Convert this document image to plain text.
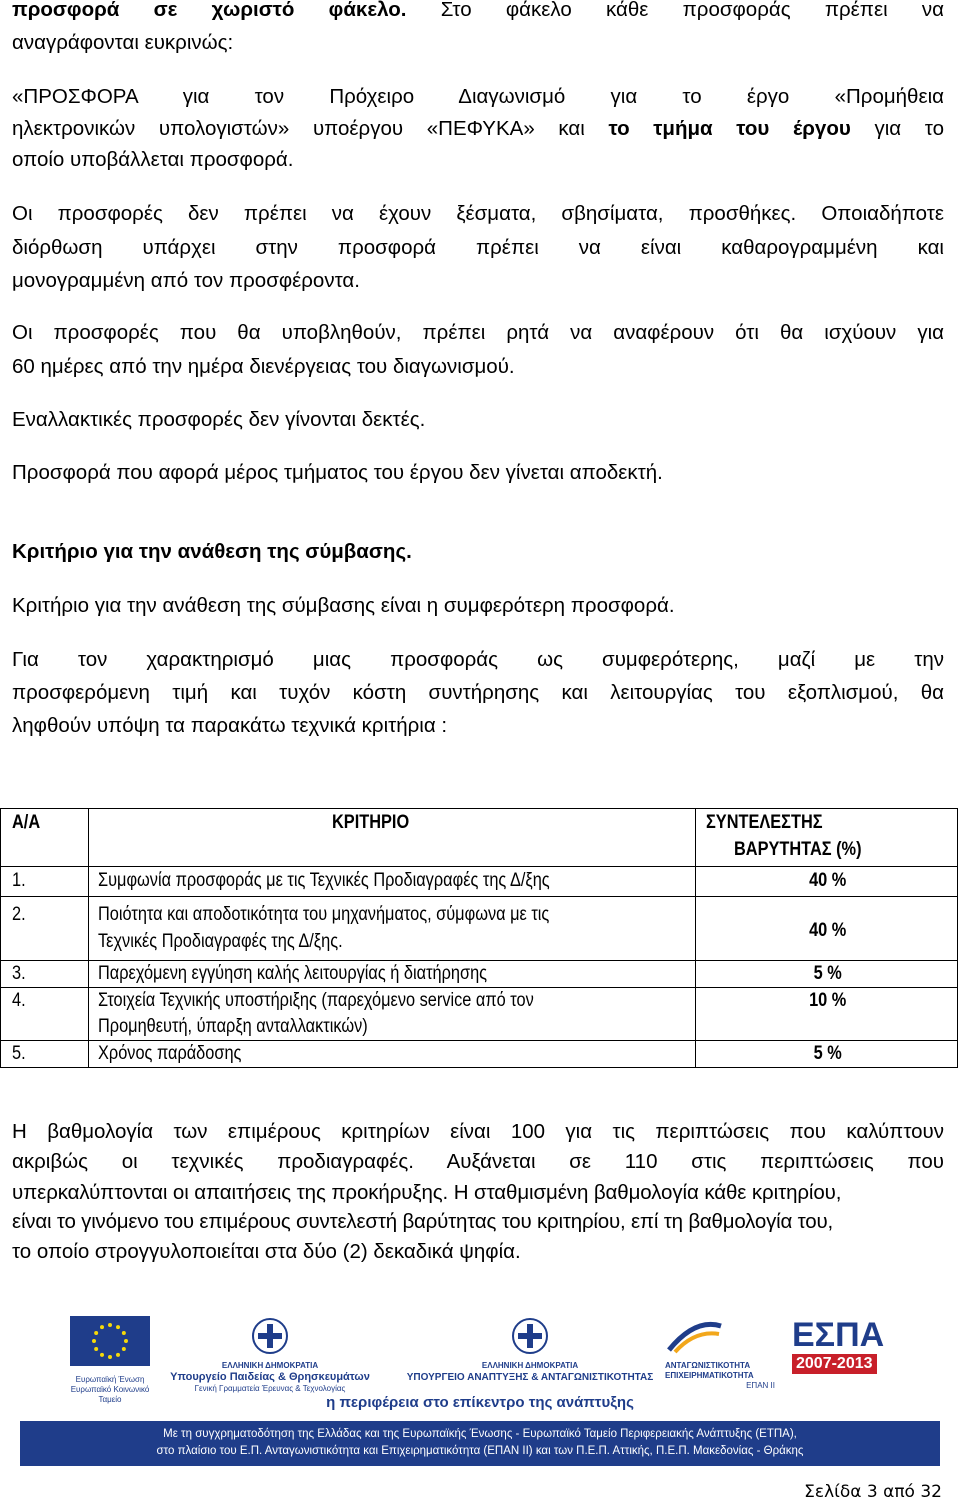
προσφορά σε χωριστό φάκελο. Στο φάκελο κάθε προσφοράς πρέπει να
αναγράφονται ευκρινώς:
«ΠΡΟΣΦΟΡΑ για τον Πρόχειρο Διαγωνισμό για το έργο «Προμήθεια
ηλεκτρονικών υπολογιστών» υποέργου «ΠΕΦΥΚΑ» και το τμήμα του έργου για το
οποίο υποβάλλεται προσφορά.
Οι προσφορές δεν πρέπει να έχουν ξέσματα, σβησίματα, προσθήκες. Οποιαδήποτε
διόρθωση υπάρχει στην προσφορά πρέπει να είναι καθαρογραμμένη και
μονογραμμένη από τον προσφέροντα.
Οι προσφορές που θα υποβληθούν, πρέπει ρητά να αναφέρουν ότι θα ισχύουν για
60 ημέρες από την ημέρα διενέργειας του διαγωνισμού.
Εναλλακτικές προσφορές δεν γίνονται δεκτές.
Προσφορά που αφορά μέρος τμήματος του έργου δεν γίνεται αποδεκτή.
Κριτήριο για την ανάθεση της σύμβασης.
Κριτήριο για την ανάθεση της σύμβασης είναι η συμφερότερη προσφορά.
Για τον χαρακτηρισμό μιας προσφοράς ως συμφερότερης, μαζί με την
προσφερόμενη τιμή και τυχόν κόστη συντήρησης και λειτουργίας του εξοπλισμού, θα
ληφθούν υπόψη τα παρακάτω τεχνικά κριτήρια :
Α/Α	ΚΡΙΤΗΡΙΟ	ΣΥΝΤΕΛΕΣΤΗΣ
ΒΑΡΥΤΗΤΑΣ (%)
1.	Συμφωνία προσφοράς με τις Τεχνικές Προδιαγραφές της Δ/ξης	40 %
2.	Ποιότητα και αποδοτικότητα του μηχανήματος, σύμφωνα με τις
Τεχνικές Προδιαγραφές της Δ/ξης.
40 %
3.	Παρεχόμενη εγγύηση καλής λειτουργίας ή διατήρησης	5 %
4.	Στοιχεία Τεχνικής υποστήριξης (παρεχόμενο service από τον
Προμηθευτή, ύπαρξη ανταλλακτικών)
10 %
5.	Χρόνος παράδοσης	5 %
Η βαθμολογία των επιμέρους κριτηρίων είναι 100 για τις περιπτώσεις που καλύπτουν
ακριβώς οι τεχνικές προδιαγραφές. Αυξάνεται σε 110 στις περιπτώσεις που
υπερκαλύπτονται οι απαιτήσεις της προκήρυξης. Η σταθμισμένη βαθμολογία κάθε κριτηρίου,
είναι το γινόμενο του επιμέρους συντελεστή βαρύτητας του κριτηρίου, επί τη βαθμολογία του,
το οποίο στρογγυλοποιείται στα δύο (2) δεκαδικά ψηφία.
Ευρωπαϊκή Ένωση
Ευρωπαϊκό Κοινωνικό Ταμείο
ΕΛΛΗΝΙΚΗ ΔΗΜΟΚΡΑΤΙΑ
Υπουργείο Παιδείας & Θρησκευμάτων
Γενική Γραμματεία Έρευνας & Τεχνολογίας
ΕΛΛΗΝΙΚΗ ΔΗΜΟΚΡΑΤΙΑ
ΥΠΟΥΡΓΕΙΟ ΑΝΑΠΤΥΞΗΣ & ΑΝΤΑΓΩΝΙΣΤΙΚΟΤΗΤΑΣ
ΑΝΤΑΓΩΝΙΣΤΙΚΟΤΗΤΑ
ΕΠΙΧΕΙΡΗΜΑΤΙΚΟΤΗΤΑ
ΕΠΑΝ II
ΕΣΠΑ
2007-2013
η περιφέρεια στο επίκεντρο της ανάπτυξης
Με τη συγχρηματοδότηση της Ελλάδας και της Ευρωπαϊκής Ένωσης - Ευρωπαϊκό Ταμείο Περιφερειακής Ανάπτυξης (ΕΤΠΑ),
στο πλαίσιο του Ε.Π. Ανταγωνιστικότητα και Επιχειρηματικότητα (ΕΠΑΝ ΙΙ) και των Π.Ε.Π. Αττικής, Π.Ε.Π. Μακεδονίας - Θράκης
Σελίδα 3 από 32
